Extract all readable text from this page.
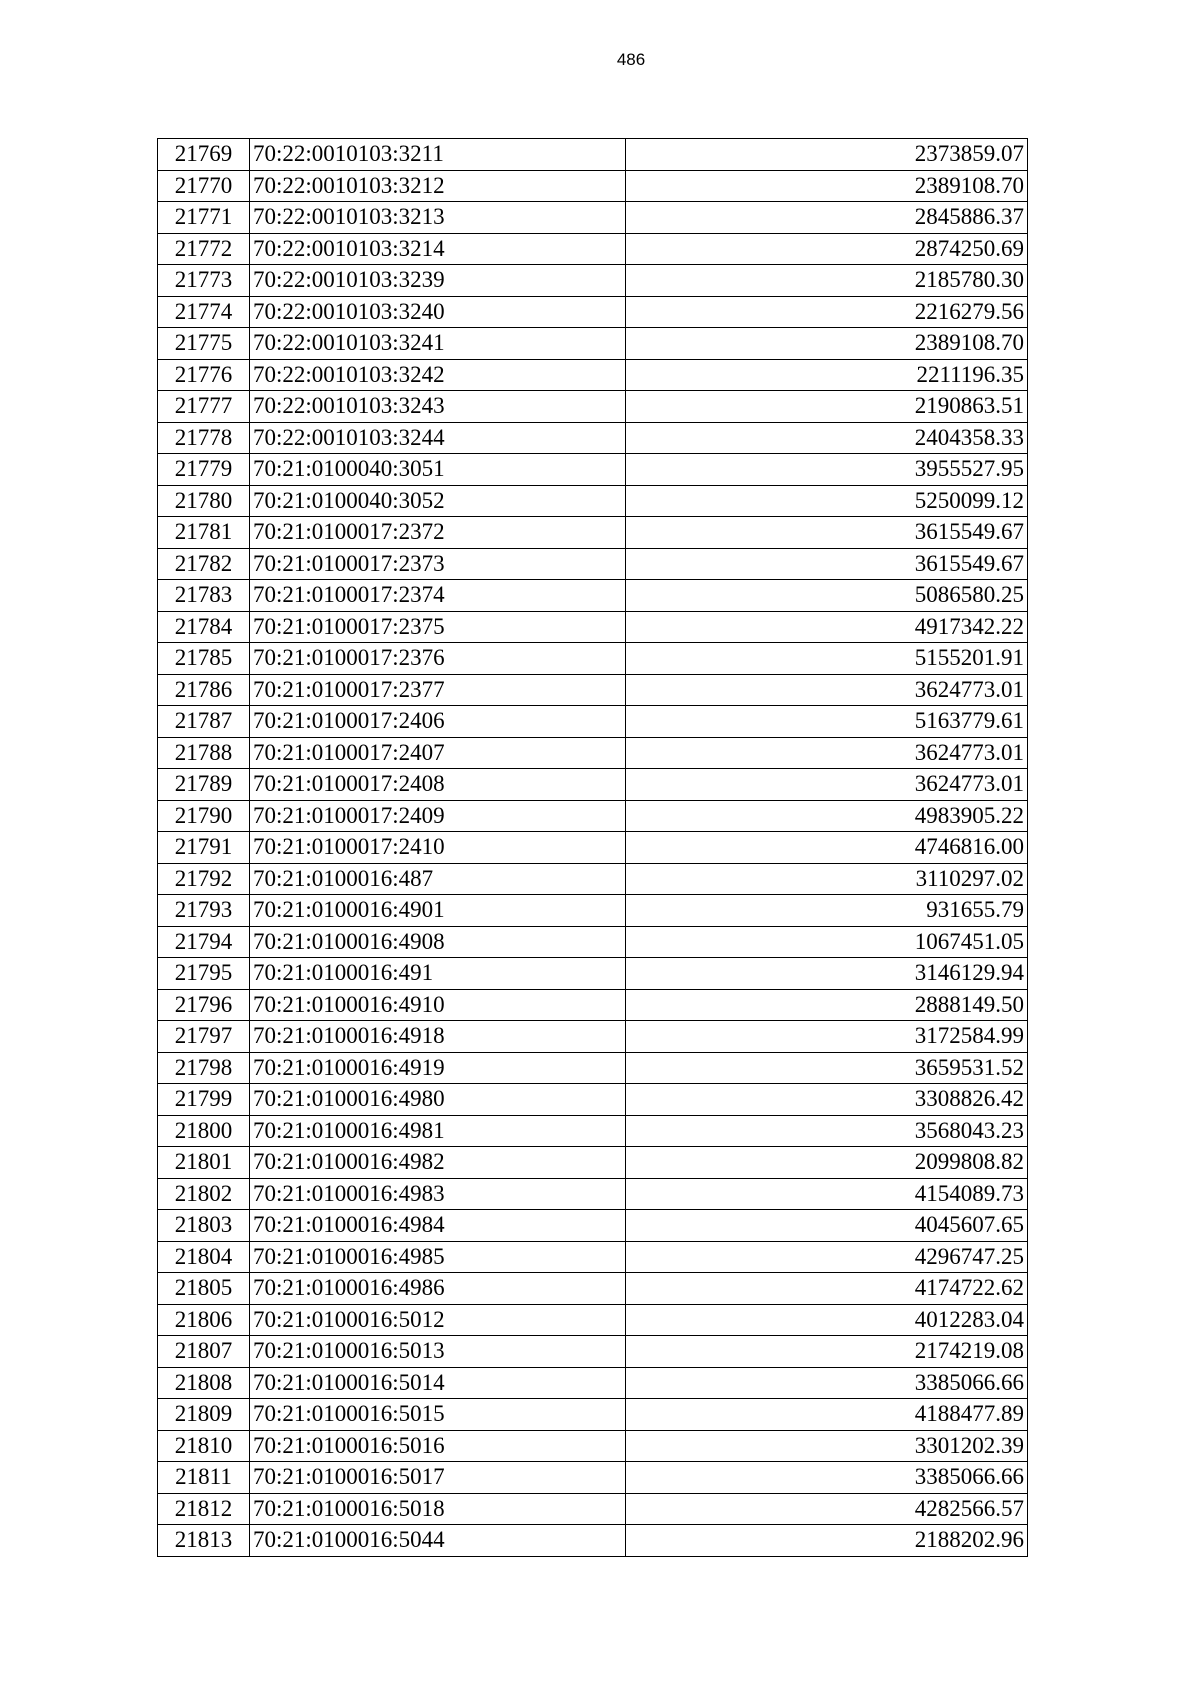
486
21769	70:22:0010103:3211	2373859.07
21770	70:22:0010103:3212	2389108.70
21771	70:22:0010103:3213	2845886.37
21772	70:22:0010103:3214	2874250.69
21773	70:22:0010103:3239	2185780.30
21774	70:22:0010103:3240	2216279.56
21775	70:22:0010103:3241	2389108.70
21776	70:22:0010103:3242	2211196.35
21777	70:22:0010103:3243	2190863.51
21778	70:22:0010103:3244	2404358.33
21779	70:21:0100040:3051	3955527.95
21780	70:21:0100040:3052	5250099.12
21781	70:21:0100017:2372	3615549.67
21782	70:21:0100017:2373	3615549.67
21783	70:21:0100017:2374	5086580.25
21784	70:21:0100017:2375	4917342.22
21785	70:21:0100017:2376	5155201.91
21786	70:21:0100017:2377	3624773.01
21787	70:21:0100017:2406	5163779.61
21788	70:21:0100017:2407	3624773.01
21789	70:21:0100017:2408	3624773.01
21790	70:21:0100017:2409	4983905.22
21791	70:21:0100017:2410	4746816.00
21792	70:21:0100016:487	3110297.02
21793	70:21:0100016:4901	931655.79
21794	70:21:0100016:4908	1067451.05
21795	70:21:0100016:491	3146129.94
21796	70:21:0100016:4910	2888149.50
21797	70:21:0100016:4918	3172584.99
21798	70:21:0100016:4919	3659531.52
21799	70:21:0100016:4980	3308826.42
21800	70:21:0100016:4981	3568043.23
21801	70:21:0100016:4982	2099808.82
21802	70:21:0100016:4983	4154089.73
21803	70:21:0100016:4984	4045607.65
21804	70:21:0100016:4985	4296747.25
21805	70:21:0100016:4986	4174722.62
21806	70:21:0100016:5012	4012283.04
21807	70:21:0100016:5013	2174219.08
21808	70:21:0100016:5014	3385066.66
21809	70:21:0100016:5015	4188477.89
21810	70:21:0100016:5016	3301202.39
21811	70:21:0100016:5017	3385066.66
21812	70:21:0100016:5018	4282566.57
21813	70:21:0100016:5044	2188202.96
